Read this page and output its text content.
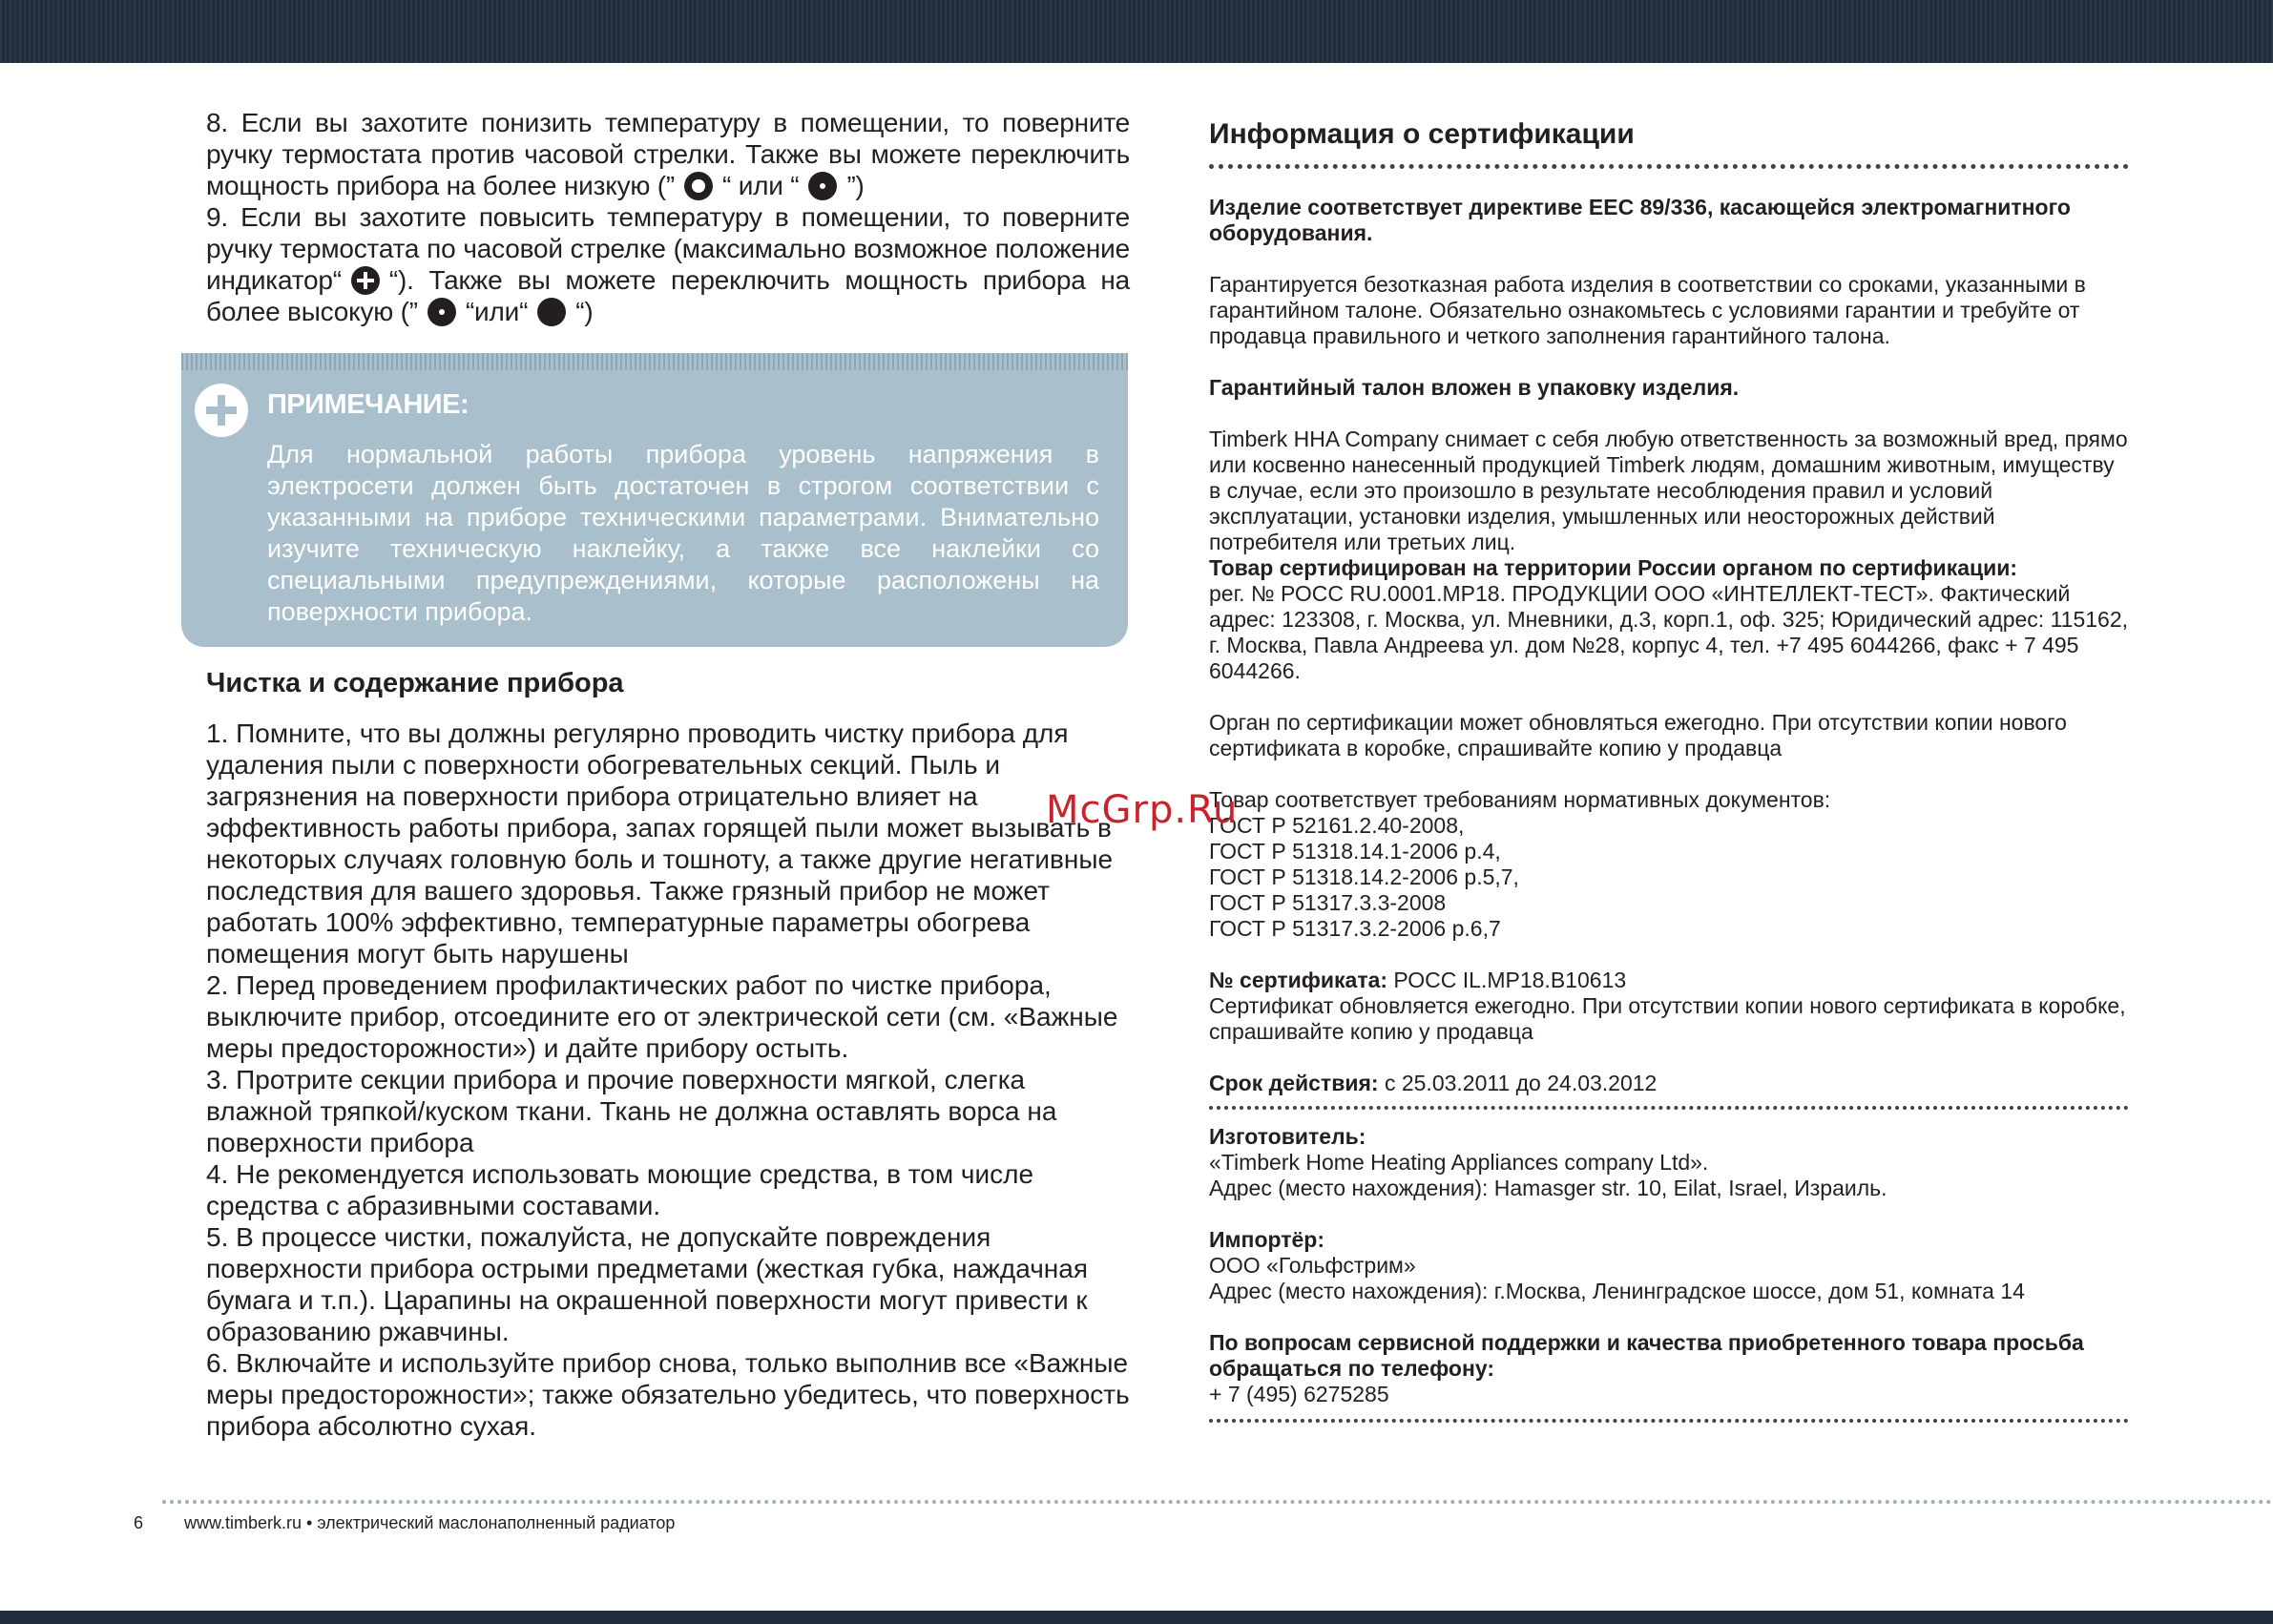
8. Если вы захотите понизить температуру в помещении, то поверните ручку термостата против часовой стрелки. Также вы можете переключить мощность прибора на более низкую (” “ или “ ”)

9. Если вы захотите повысить температуру в помещении, то поверните ручку термостата по часовой стрелке (максимально возможное положение индикатор“ “). Также вы можете переключить мощность прибора на более высокую (” “или“ “)

ПРИМЕЧАНИЕ:

Для нормальной работы прибора уровень напряжения в электросети должен быть достаточен в строгом соответствии с указанными на приборе техническими параметрами. Внимательно изучите техническую наклейку, а также все наклейки со специальными предупреждениями, которые расположены на поверхности прибора.

Чистка и содержание прибора

1. Помните, что вы должны регулярно проводить чистку прибора для удаления пыли с поверхности обогревательных секций. Пыль и загрязнения на поверхности прибора отрицательно влияет на эффективность работы прибора, запах горящей пыли может вызывать в некоторых случаях головную боль и тошноту, а также другие негативные последствия для вашего здоровья. Также грязный прибор не может работать 100% эффективно, температурные параметры обогрева помещения могут быть нарушены

2. Перед проведением профилактических работ по чистке прибора, выключите прибор, отсоедините его от электрической сети (см. «Важные меры предосторожности») и дайте прибору остыть.

3. Протрите секции прибора и прочие поверхности мягкой, слегка влажной тряпкой/куском ткани. Ткань не должна оставлять ворса на поверхности прибора

4. Не рекомендуется использовать моющие средства, в том числе средства с абразивными составами.

5. В процессе чистки, пожалуйста, не допускайте повреждения поверхности прибора острыми предметами (жесткая губка, наждачная бумага и т.п.). Царапины на окрашенной поверхности могут привести к образованию ржавчины.

6. Включайте и используйте прибор снова, только выполнив все «Важные меры предосторожности»; также обязательно убедитесь, что поверхность прибора абсолютно сухая.

Информация о сертификации

Изделие соответствует директиве EEC 89/336, касающейся электромагнитного оборудования.

Гарантируется безотказная работа изделия в соответствии со сроками, указанными в гарантийном талоне. Обязательно ознакомьтесь с условиями гарантии и требуйте от продавца правильного и четкого заполнения гарантийного талона.

Гарантийный талон вложен в упаковку изделия.

Timberk HHA Company снимает с себя любую ответственность за возможный вред, прямо или косвенно нанесенный продукцией Timberk людям, домашним животным, имуществу в случае, если это произошло в результате несоблюдения правил и условий эксплуатации, установки изделия, умышленных или неосторожных действий потребителя или третьих лиц.

Товар сертифицирован на территории России органом по сертификации:

рег. № РОСС RU.0001.МР18. ПРОДУКЦИИ ООО «ИНТЕЛЛЕКТ-ТЕСТ». Фактический адрес: 123308, г. Москва, ул. Мневники, д.3, корп.1, оф. 325; Юридический адрес: 115162, г. Москва, Павла Андреева ул. дом №28, корпус 4, тел. +7 495 6044266, факс + 7 495 6044266.

Орган по сертификации может обновляться ежегодно. При отсутствии копии нового сертификата в коробке, спрашивайте копию у продавца

Товар соответствует требованиям нормативных документов:

ГОСТ Р 52161.2.40-2008,

ГОСТ Р 51318.14.1-2006 р.4,

ГОСТ Р 51318.14.2-2006 р.5,7,

ГОСТ Р 51317.3.3-2008

ГОСТ Р 51317.3.2-2006 р.6,7

№ сертификата: РОСС IL.МР18.В10613

Сертификат обновляется ежегодно. При отсутствии копии нового сертификата в коробке, спрашивайте копию у продавца

Срок действия: с 25.03.2011 до 24.03.2012

Изготовитель:

«Timberk Home Heating Appliances company Ltd».

Адрес (место нахождения): Hamasger str. 10, Eilat, Israel, Израиль.

Импортёр:

ООО «Гольфстрим»

Адрес (место нахождения): г.Москва, Ленинградское шоссе, дом 51, комната 14

По вопросам сервисной поддержки и качества приобретенного товара просьба обращаться по телефону:

+ 7 (495) 6275285

McGrp.Ru
6 www.timberk.ru • электрический маслонаполненный радиатор
